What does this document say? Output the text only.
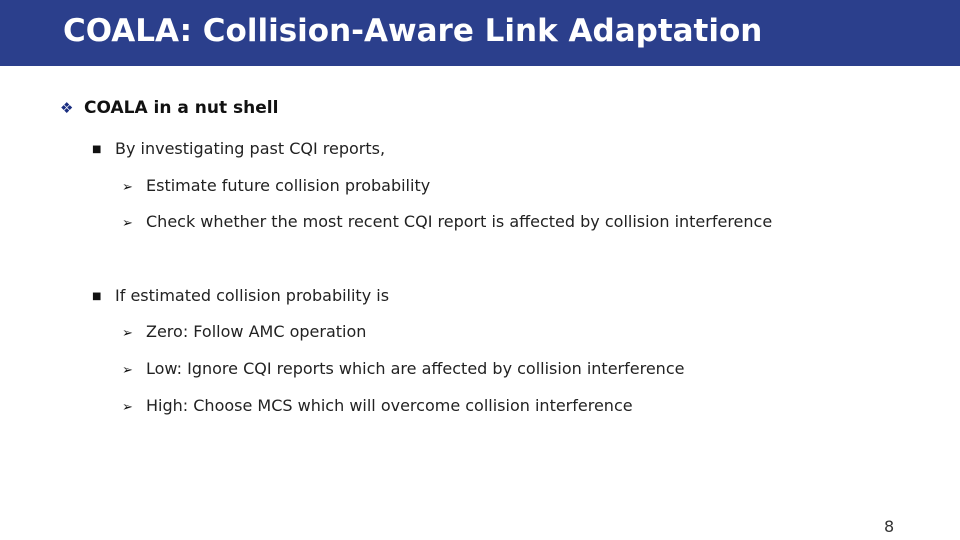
COALA: Collision-Aware Link Adaptation
❖ COALA in a nut shell
■ By investigating past CQI reports,
➢ Estimate future collision probability
➢ Check whether the most recent CQI report is affected by collision interference
■ If estimated collision probability is
➢ Zero: Follow AMC operation
➢ Low: Ignore CQI reports which are affected by collision interference
➢ High: Choose MCS which will overcome collision interference
8
